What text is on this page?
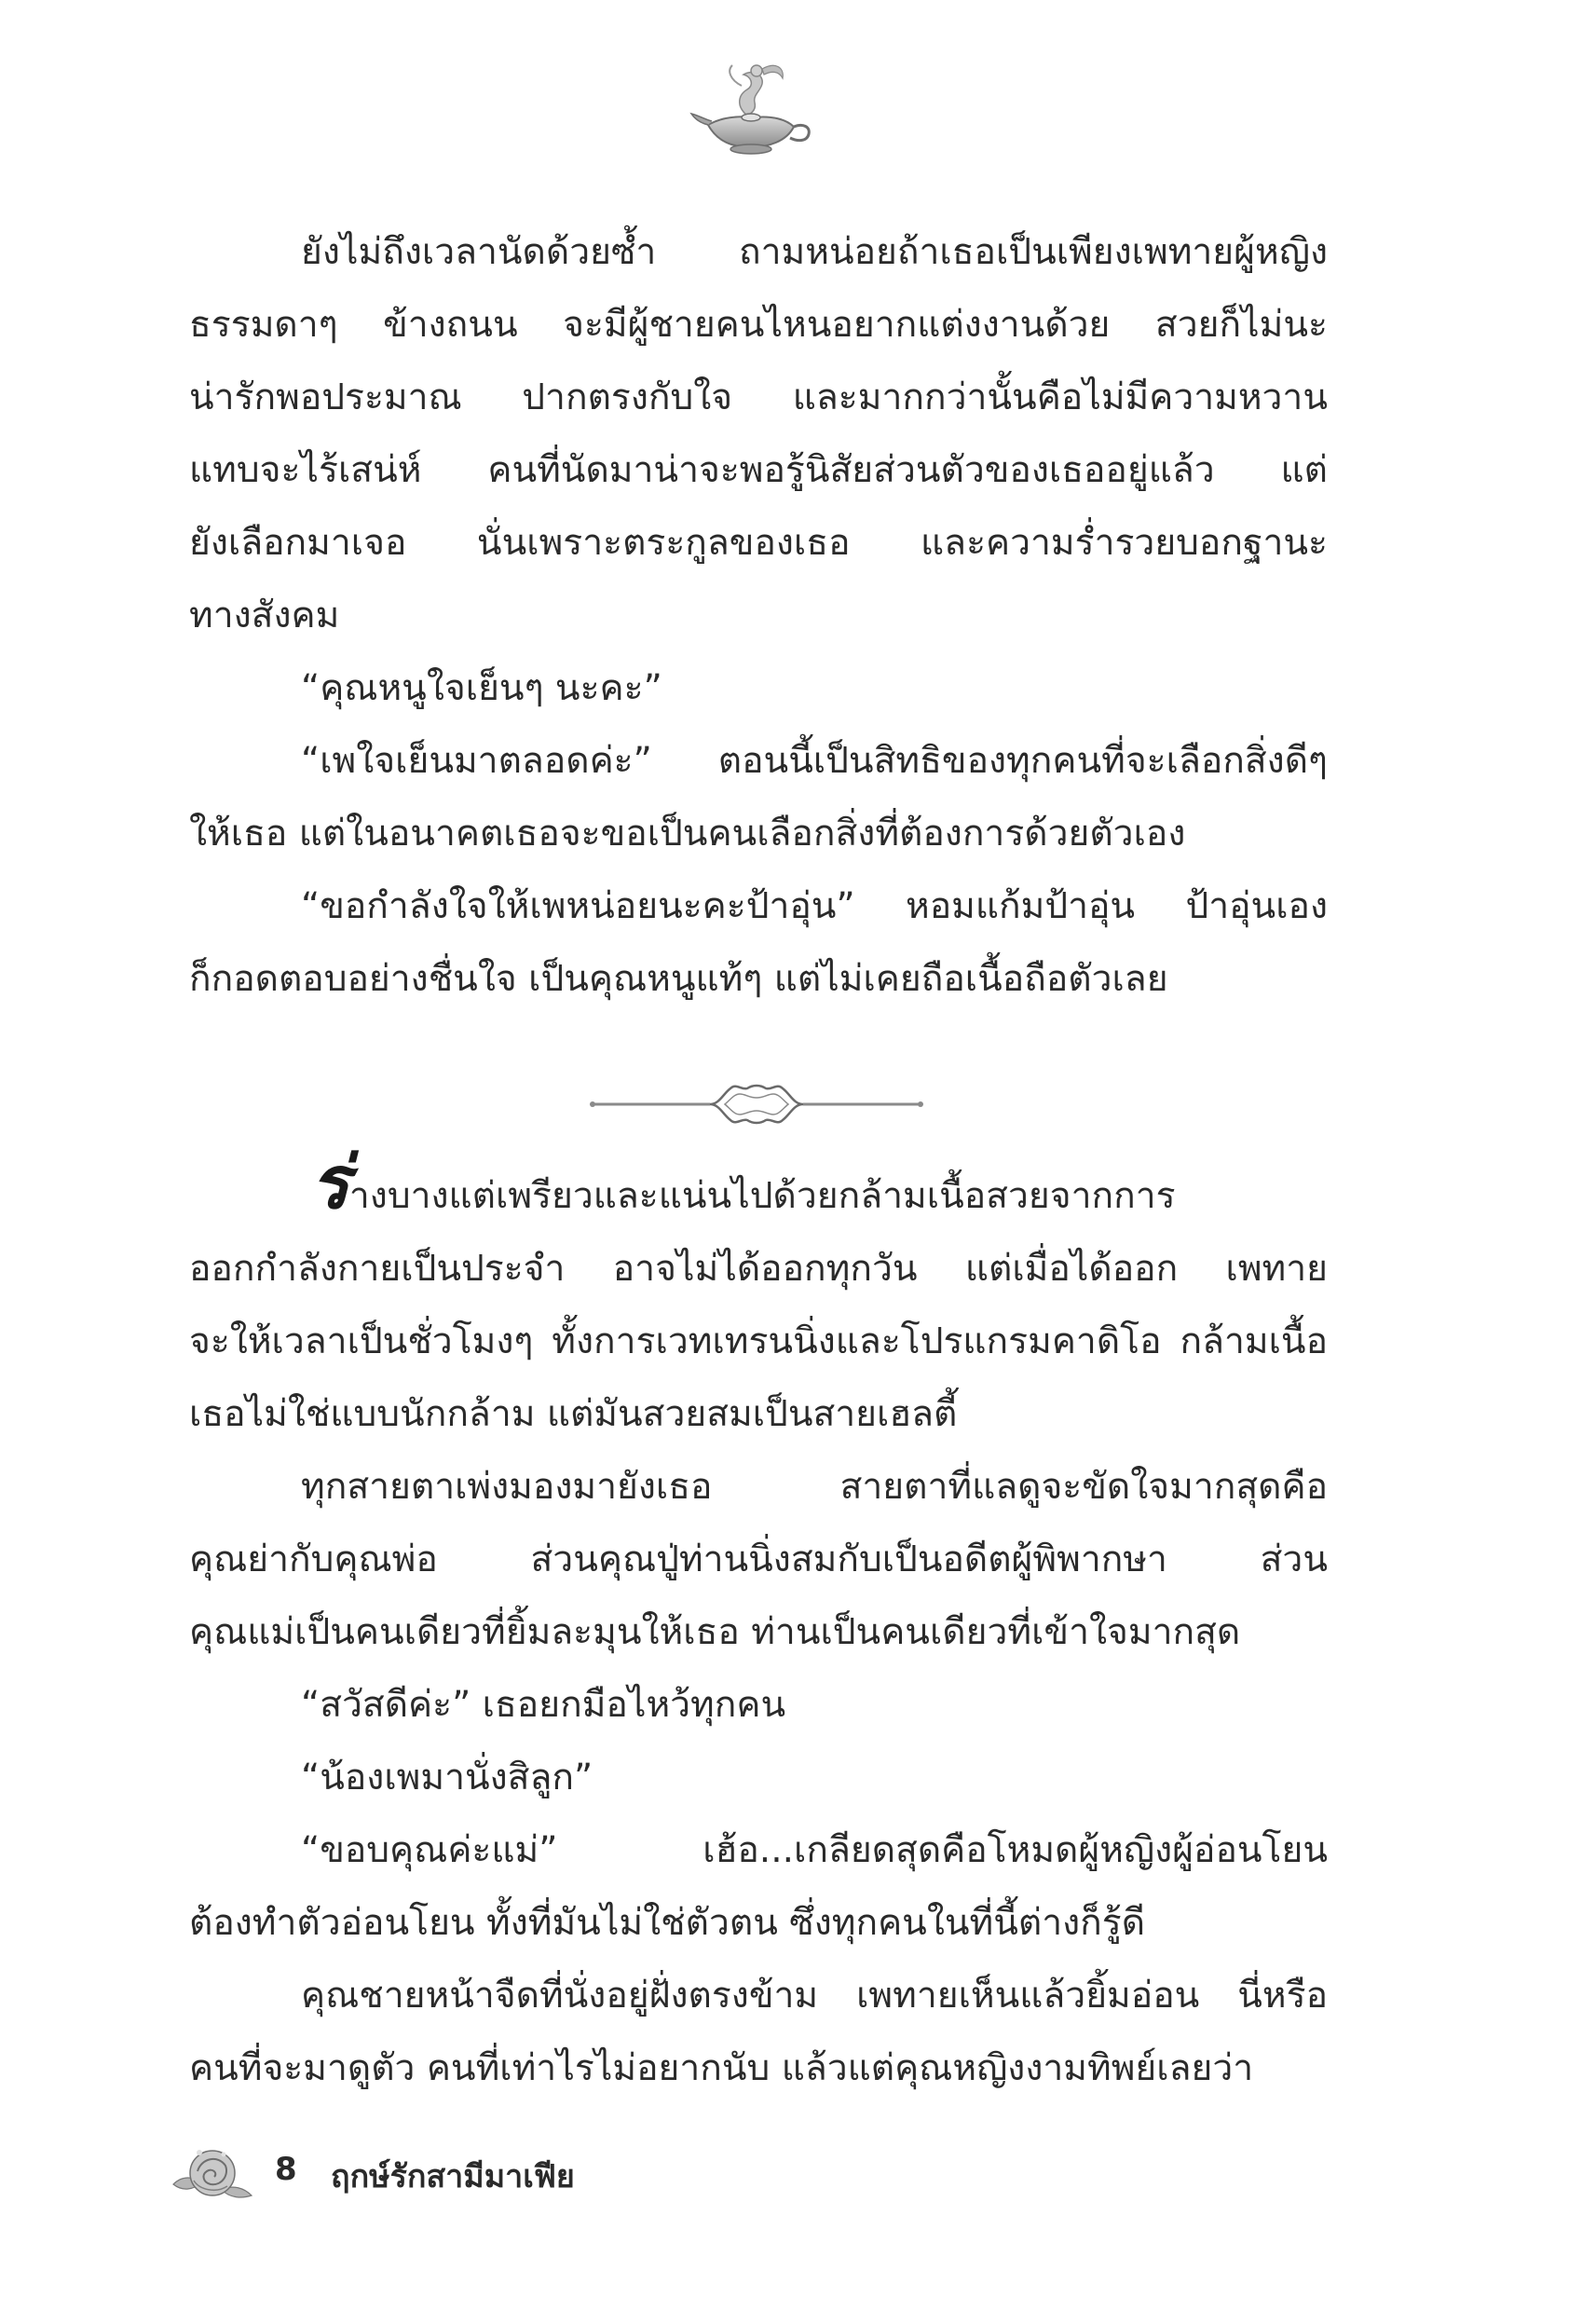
ยังไม่ถึงเวลานัดด้วยซ้ำ ถามหน่อยถ้าเธอเป็นเพียงเพทายผู้หญิง

ธรรมดาๆ ข้างถนน จะมีผู้ชายคนไหนอยากแต่งงานด้วย สวยก็ไม่นะ

น่ารักพอประมาณ ปากตรงกับใจ และมากกว่านั้นคือไม่มีความหวาน

แทบจะไร้เสน่ห์ คนที่นัดมาน่าจะพอรู้นิสัยส่วนตัวของเธออยู่แล้ว แต่

ยังเลือกมาเจอ นั่นเพราะตระกูลของเธอ และความร่ำรวยบอกฐานะ

ทางสังคม

“คุณหนูใจเย็นๆ นะคะ”

“เพใจเย็นมาตลอดค่ะ” ตอนนี้เป็นสิทธิของทุกคนที่จะเลือกสิ่งดีๆ

ให้เธอ แต่ในอนาคตเธอจะขอเป็นคนเลือกสิ่งที่ต้องการด้วยตัวเอง

“ขอกำลังใจให้เพหน่อยนะคะป้าอุ่น” หอมแก้มป้าอุ่น ป้าอุ่นเอง

ก็กอดตอบอย่างชื่นใจ เป็นคุณหนูแท้ๆ แต่ไม่เคยถือเนื้อถือตัวเลย

ร่างบางแต่เพรียวและแน่นไปด้วยกล้ามเนื้อสวยจากการ

ออกกำลังกายเป็นประจำ อาจไม่ได้ออกทุกวัน แต่เมื่อได้ออก เพทาย

จะให้เวลาเป็นชั่วโมงๆ ทั้งการเวทเทรนนิ่งและโปรแกรมคาดิโอ กล้ามเนื้อ

เธอไม่ใช่แบบนักกล้าม แต่มันสวยสมเป็นสายเฮลตี้

ทุกสายตาเพ่งมองมายังเธอ สายตาที่แลดูจะขัดใจมากสุดคือ

คุณย่ากับคุณพ่อ ส่วนคุณปู่ท่านนิ่งสมกับเป็นอดีตผู้พิพากษา ส่วน

คุณแม่เป็นคนเดียวที่ยิ้มละมุนให้เธอ ท่านเป็นคนเดียวที่เข้าใจมากสุด

“สวัสดีค่ะ” เธอยกมือไหว้ทุกคน

“น้องเพมานั่งสิลูก”

“ขอบคุณค่ะแม่” เฮ้อ...เกลียดสุดคือโหมดผู้หญิงผู้อ่อนโยน

ต้องทำตัวอ่อนโยน ทั้งที่มันไม่ใช่ตัวตน ซึ่งทุกคนในที่นี้ต่างก็รู้ดี

คุณชายหน้าจืดที่นั่งอยู่ฝั่งตรงข้าม เพทายเห็นแล้วยิ้มอ่อน นี่หรือ

คนที่จะมาดูตัว คนที่เท่าไรไม่อยากนับ แล้วแต่คุณหญิงงามทิพย์เลยว่า

8 ฤกษ์รักสามีมาเฟีย
